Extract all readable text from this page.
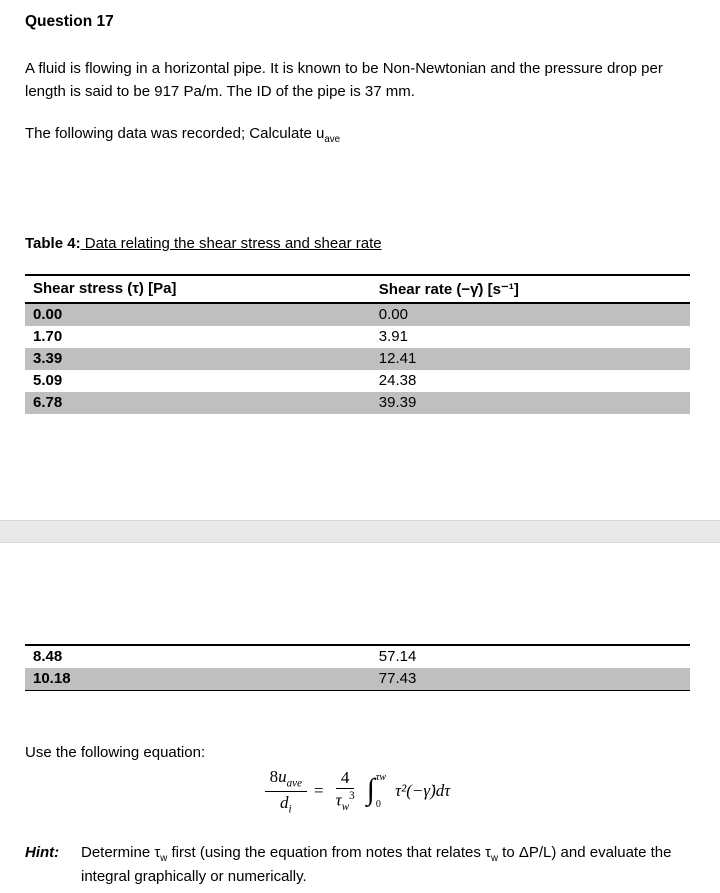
Question 17

A fluid is flowing in a horizontal pipe. It is known to be Non-Newtonian and the pressure drop per length is said to be 917 Pa/m. The ID of the pipe is 37 mm.

The following data was recorded; Calculate $u_{ave}$

Table 4: Data relating the shear stress and shear rate

Shear stress (τ) [Pa]	Shear rate (−γ̇) [s⁻¹]
0.00	0.00
1.70	3.91
3.39	12.41
5.09	24.38
6.78	39.39
8.48	57.14
10.18	77.43

Use the following equation:

$\frac{8u_{ave}}{d_i} = \frac{4}{\tau_w^3}$ ∫ τw
0
τ²(−γ̇)dτ
Hint:	Determine $\tau_w$ first (using the equation from notes that relates $\tau_w$ to ΔP/L) and evaluate the integral graphically or numerically.
